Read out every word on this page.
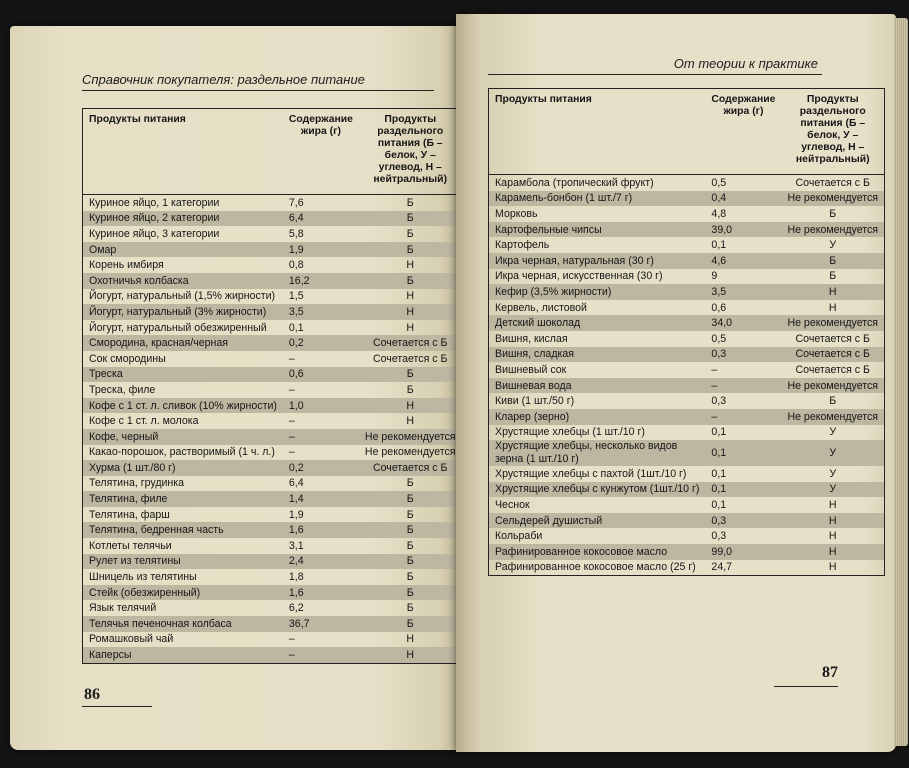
Справочник покупателя: раздельное питание
Продукты питания	Содержание жира (г)	Продукты раздельного питания (Б – белок, У – углевод, Н – нейтральный)
Куриное яйцо, 1 категории	7,6	Б
Куриное яйцо, 2 категории	6,4	Б
Куриное яйцо, 3 категории	5,8	Б
Омар	1,9	Б
Корень имбиря	0,8	Н
Охотничья колбаска	16,2	Б
Йогурт, натуральный (1,5% жирности)	1,5	Н
Йогурт, натуральный (3% жирности)	3,5	Н
Йогурт, натуральный обезжиренный	0,1	Н
Смородина, красная/черная	0,2	Сочетается с Б
Сок смородины	–	Сочетается с Б
Треска	0,6	Б
Треска, филе	–	Б
Кофе с 1 ст. л. сливок (10% жирности)	1,0	Н
Кофе с 1 ст. л. молока	–	Н
Кофе, черный	–	Не рекомендуется
Какао-порошок, растворимый (1 ч. л.)	–	Не рекомендуется
Хурма (1 шт./80 г)	0,2	Сочетается с Б
Телятина, грудинка	6,4	Б
Телятина, филе	1,4	Б
Телятина, фарш	1,9	Б
Телятина, бедренная часть	1,6	Б
Котлеты телячьи	3,1	Б
Рулет из телятины	2,4	Б
Шницель из телятины	1,8	Б
Стейк (обезжиренный)	1,6	Б
Язык телячий	6,2	Б
Телячья печеночная колбаса	36,7	Б
Ромашковый чай	–	Н
Каперсы	–	Н
86
От теории к практике
Продукты питания	Содержание жира (г)	Продукты раздельного питания (Б – белок, У – углевод, Н – нейтральный)
Карамбола (тропический фрукт)	0,5	Сочетается с Б
Карамель-бонбон (1 шт./7 г)	0,4	Не рекомендуется
Морковь	4,8	Б
Картофельные чипсы	39,0	Не рекомендуется
Картофель	0,1	У
Икра черная, натуральная (30 г)	4,6	Б
Икра черная, искусственная (30 г)	9	Б
Кефир (3,5% жирности)	3,5	Н
Кервель, листовой	0,6	Н
Детский шоколад	34,0	Не рекомендуется
Вишня, кислая	0,5	Сочетается с Б
Вишня, сладкая	0,3	Сочетается с Б
Вишневый сок	–	Сочетается с Б
Вишневая вода	–	Не рекомендуется
Киви (1 шт./50 г)	0,3	Б
Кларер (зерно)	–	Не рекомендуется
Хрустящие хлебцы (1 шт./10 г)	0,1	У
Хрустящие хлебцы, несколько видов зерна (1 шт./10 г)	0,1	У
Хрустящие хлебцы с пахтой (1шт./10 г)	0,1	У
Хрустящие хлебцы с кунжутом (1шт./10 г)	0,1	У
Чеснок	0,1	Н
Сельдерей душистый	0,3	Н
Кольраби	0,3	Н
Рафинированное кокосовое масло	99,0	Н
Рафинированное кокосовое масло (25 г)	24,7	Н
87
